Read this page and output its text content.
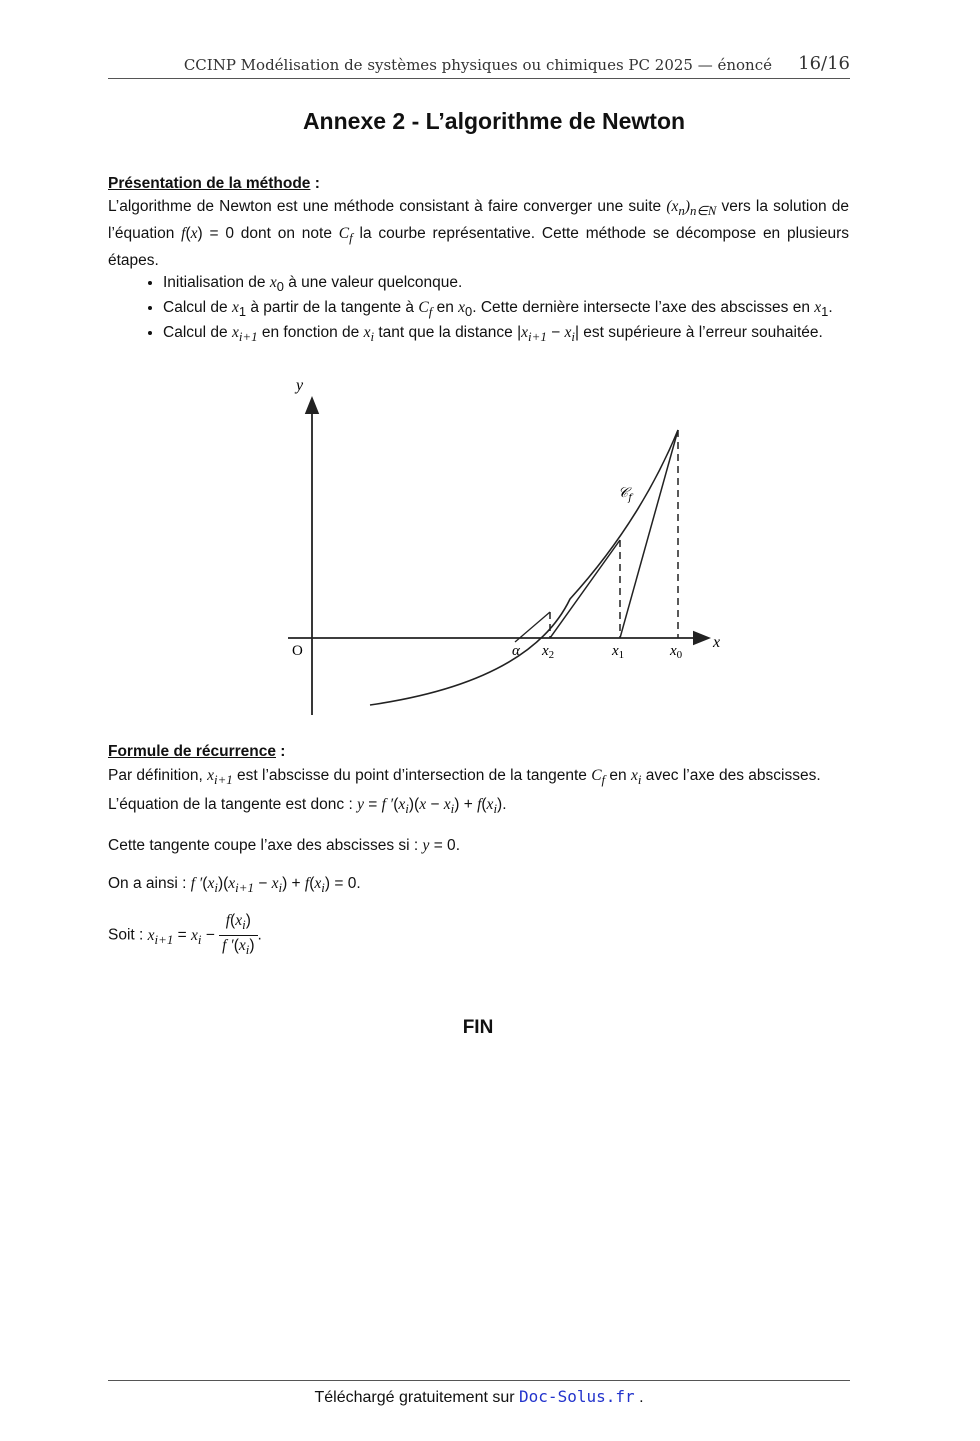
CCINP Modélisation de systèmes physiques ou chimiques PC 2025 — énoncé 16/16
Annexe 2 - L’algorithme de Newton
Présentation de la méthode :
L’algorithme de Newton est une méthode consistant à faire converger une suite $(x_n)_{n\in N}$ vers la solution de l’équation f(x) = 0 dont on note $C_f$ la courbe représentative. Cette méthode se décompose en plusieurs étapes.
• Initialisation de $x_0$ à une valeur quelconque.
• Calcul de $x_1$ à partir de la tangente à $C_f$ en $x_0$. Cette dernière intersecte l’axe des abscisses en $x_1$.
• Calcul de $x_{i+1}$ en fonction de $x_i$ tant que la distance $|x_{i+1} - x_i|$ est supérieure à l’erreur souhaitée.
y
x
O
𝒞$_f$
α $x_2$	$x_1$	$x_0$
Formule de récurrence :
Par définition, $x_{i+1}$ est l’abscisse du point d’intersection de la tangente $C_f$ en $x_i$ avec l’axe des abscisses. L’équation de la tangente est donc : y = f $'(x_i)(x - x_i) + f(x_i)$.
Cette tangente coupe l’axe des abscisses si : y = 0.
On a ainsi : f $'(x_i)(x_{i+1} - x_i) + f(x_i) = 0$.
Soit : $x_{i+1} = x_i - \frac{f(x_i)}{f '(x_i)}$ .
FIN
Téléchargé gratuitement sur Doc-Solus.fr .
